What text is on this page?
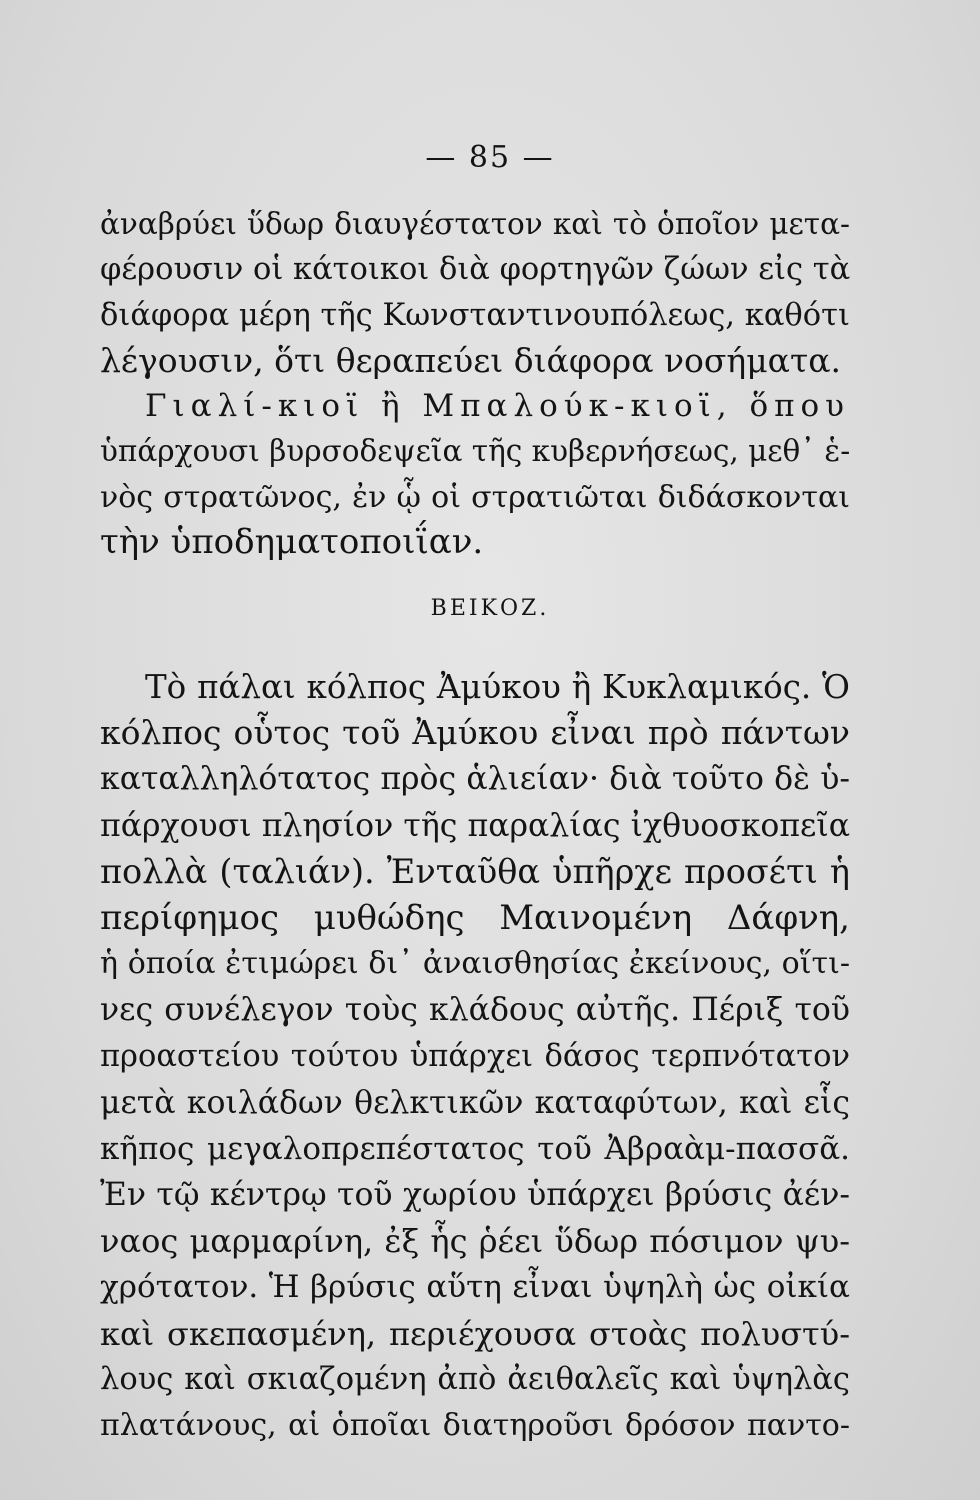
— 85 —
ἀναβρύει ὕδωρ διαυγέστατον καὶ τὸ ὁποῖον μετα-
φέρουσιν οἱ κάτοικοι διὰ φορτηγῶν ζώων εἰς τὰ
διάφορα μέρη τῆς Κωνσταντινουπόλεως, καθότι
λέγουσιν, ὅτι θεραπεύει διάφορα νοσήματα.
Γιαλί-κιοϊ ἢ Μπαλούκ-κιοϊ, ὅπου
ὑπάρχουσι βυρσοδεψεῖα τῆς κυβερνήσεως, μεθ᾽ ἑ-
νὸς στρατῶνος, ἐν ᾧ οἱ στρατιῶται διδάσκονται
τὴν ὑποδηματοποιΐαν.
ΒΕΙΚΟΖ.
Τὸ πάλαι κόλπος Ἀμύκου ἢ Κυκλαμικός. Ὁ
κόλπος οὗτος τοῦ Ἀμύκου εἶναι πρὸ πάντων
καταλληλότατος πρὸς ἁλιείαν· διὰ τοῦτο δὲ ὑ-
πάρχουσι πλησίον τῆς παραλίας ἰχθυοσκοπεῖα
πολλὰ (ταλιάν). Ἐνταῦθα ὑπῆρχε προσέτι ἡ
περίφημος μυθώδης Μαινομένη Δάφνη,
ἡ ὁποία ἐτιμώρει δι᾽ ἀναισθησίας ἐκείνους, οἵτι-
νες συνέλεγον τοὺς κλάδους αὐτῆς. Πέριξ τοῦ
προαστείου τούτου ὑπάρχει δάσος τερπνότατον
μετὰ κοιλάδων θελκτικῶν καταφύτων, καὶ εἷς
κῆπος μεγαλοπρεπέστατος τοῦ Ἀβραὰμ-πασσᾶ.
Ἐν τῷ κέντρῳ τοῦ χωρίου ὑπάρχει βρύσις ἀέν-
ναος μαρμαρίνη, ἐξ ἧς ῥέει ὕδωρ πόσιμον ψυ-
χρότατον. Ἡ βρύσις αὕτη εἶναι ὑψηλὴ ὡς οἰκία
καὶ σκεπασμένη, περιέχουσα στοὰς πολυστύ-
λους καὶ σκιαζομένη ἀπὸ ἀειθαλεῖς καὶ ὑψηλὰς
πλατάνους, αἱ ὁποῖαι διατηροῦσι δρόσον παντο-
